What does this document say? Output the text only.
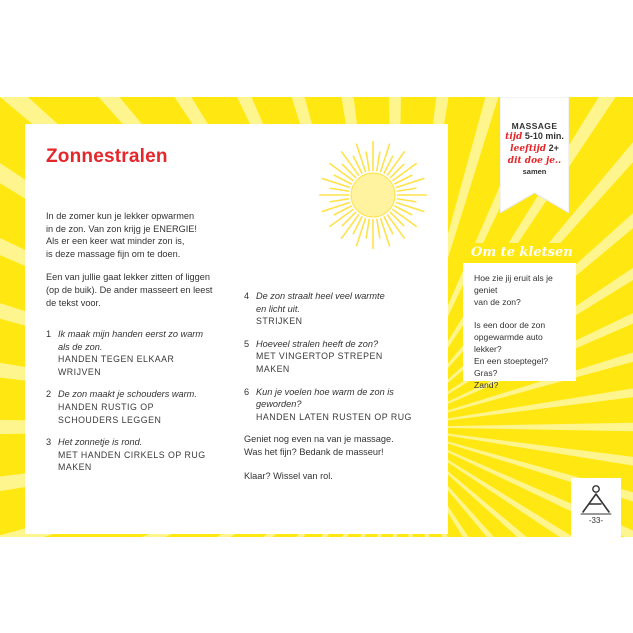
Zonnestralen

In de zomer kun je lekker opwarmen
in de zon. Van zon krijg je ENERGIE!
Als er een keer wat minder zon is,
is deze massage fijn om te doen.

Een van jullie gaat lekker zitten of liggen
(op de buik). De ander masseert en leest
de tekst voor.

1 Ik maak mijn handen eerst zo warm
als de zon.
HANDEN TEGEN ELKAAR
WRIJVEN
2 De zon maakt je schouders warm.
HANDEN RUSTIG OP
SCHOUDERS LEGGEN
3 Het zonnetje is rond.
MET HANDEN CIRKELS OP RUG
MAKEN
4 De zon straalt heel veel warmte
en licht uit.
STRIJKEN
5 Hoeveel stralen heeft de zon?
MET VINGERTOP STREPEN
MAKEN
6 Kun je voelen hoe warm de zon is
geworden?
HANDEN LATEN RUSTEN OP RUG

Geniet nog even na van je massage.
Was het fijn? Bedank de masseur!

Klaar? Wissel van rol.

MASSAGE
tijd 5-10 min.
leeftijd 2+
dit doe je..
samen
Om te kletsen

Hoe zie jij eruit als je geniet
van de zon?

Is een door de zon
opgewarmde auto lekker?
En een stoeptegel? Gras?
Zand?

-33-
